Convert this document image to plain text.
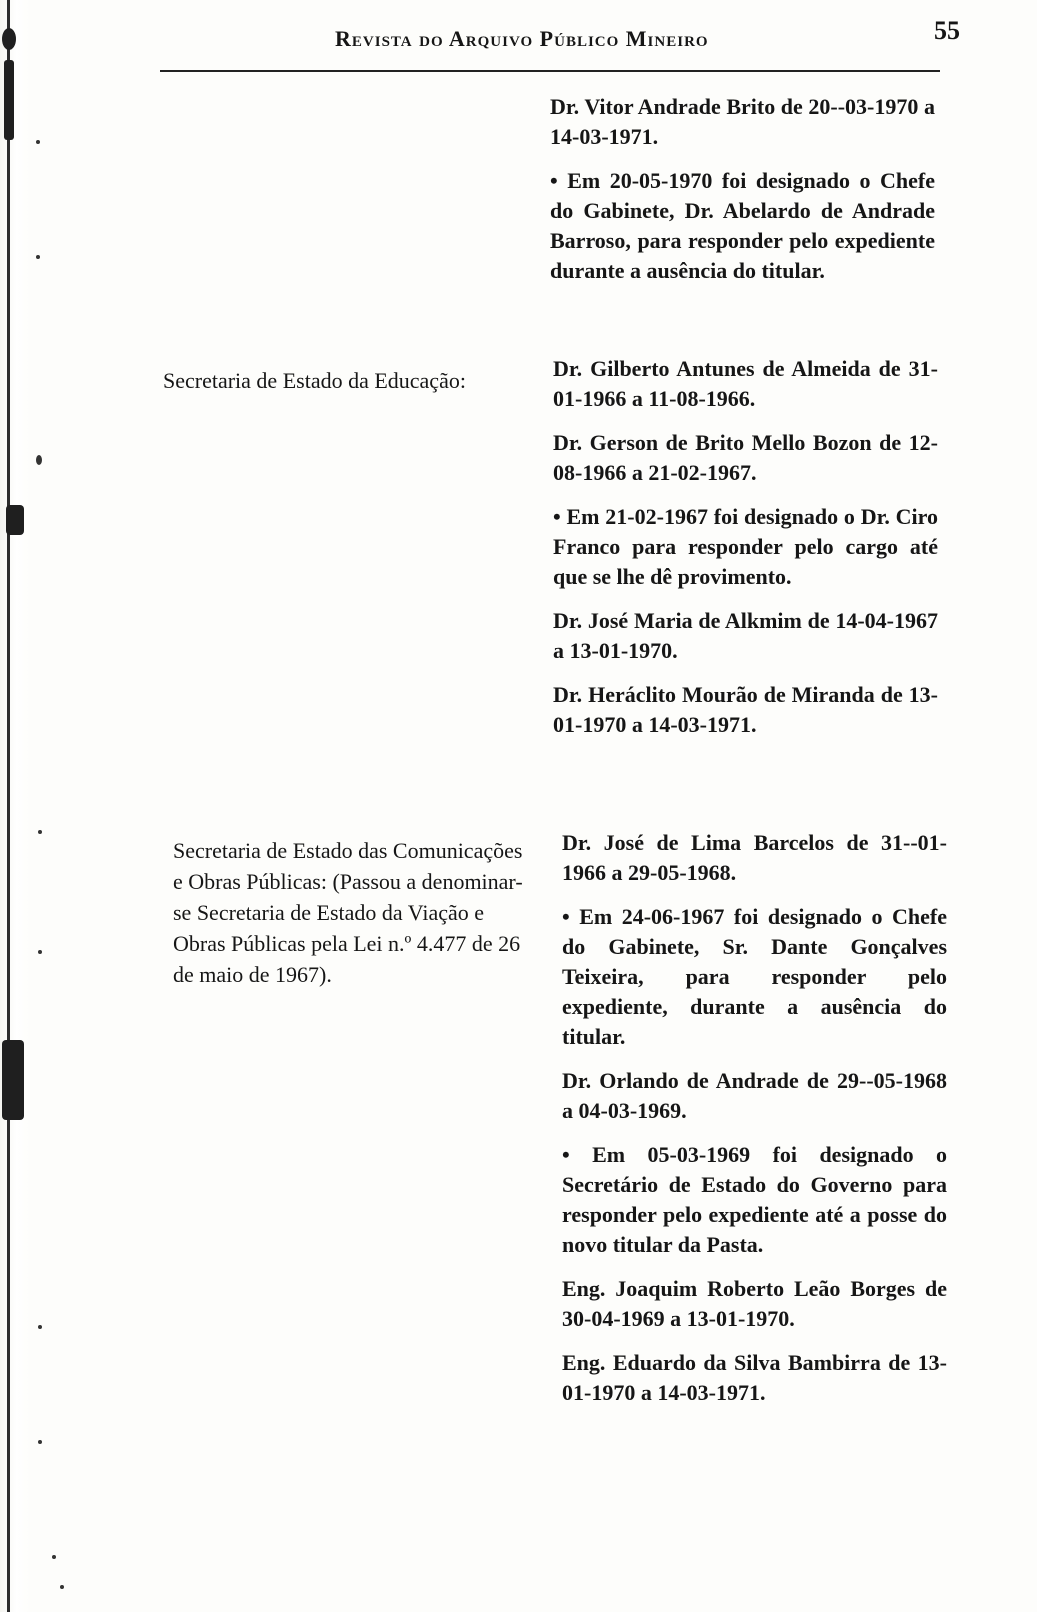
Revista do Arquivo Público Mineiro	55

Dr. Vitor Andrade Brito de 20--03-1970 a 14-03-1971.

• Em 20-05-1970 foi designado o Chefe do Gabinete, Dr. Abelardo de Andrade Barroso, para responder pelo expediente durante a ausência do titular.

Secretaria de Estado da Educação:	Dr. Gilberto Antunes de Almeida de 31-01-1966 a 11-08-1966.

Dr. Gerson de Brito Mello Bozon de 12-08-1966 a 21-02-1967.

• Em 21-02-1967 foi designado o Dr. Ciro Franco para responder pelo cargo até que se lhe dê provimento.

Dr. José Maria de Alkmim de 14-04-1967 a 13-01-1970.

Dr. Heráclito Mourão de Miranda de 13-01-1970 a 14-03-1971.

Secretaria de Estado das Comunicações e Obras Públicas: (Passou a denominar-se Secretaria de Estado da Viação e Obras Públicas pela Lei n.º 4.477 de 26 de maio de 1967).

Dr. José de Lima Barcelos de 31--01-1966 a 29-05-1968.

• Em 24-06-1967 foi designado o Chefe do Gabinete, Sr. Dante Gonçalves Teixeira, para responder pelo expediente, durante a ausência do titular.

Dr. Orlando de Andrade de 29--05-1968 a 04-03-1969.

• Em 05-03-1969 foi designado o Secretário de Estado do Governo para responder pelo expediente até a posse do novo titular da Pasta.

Eng. Joaquim Roberto Leão Borges de 30-04-1969 a 13-01-1970.

Eng. Eduardo da Silva Bambirra de 13-01-1970 a 14-03-1971.
